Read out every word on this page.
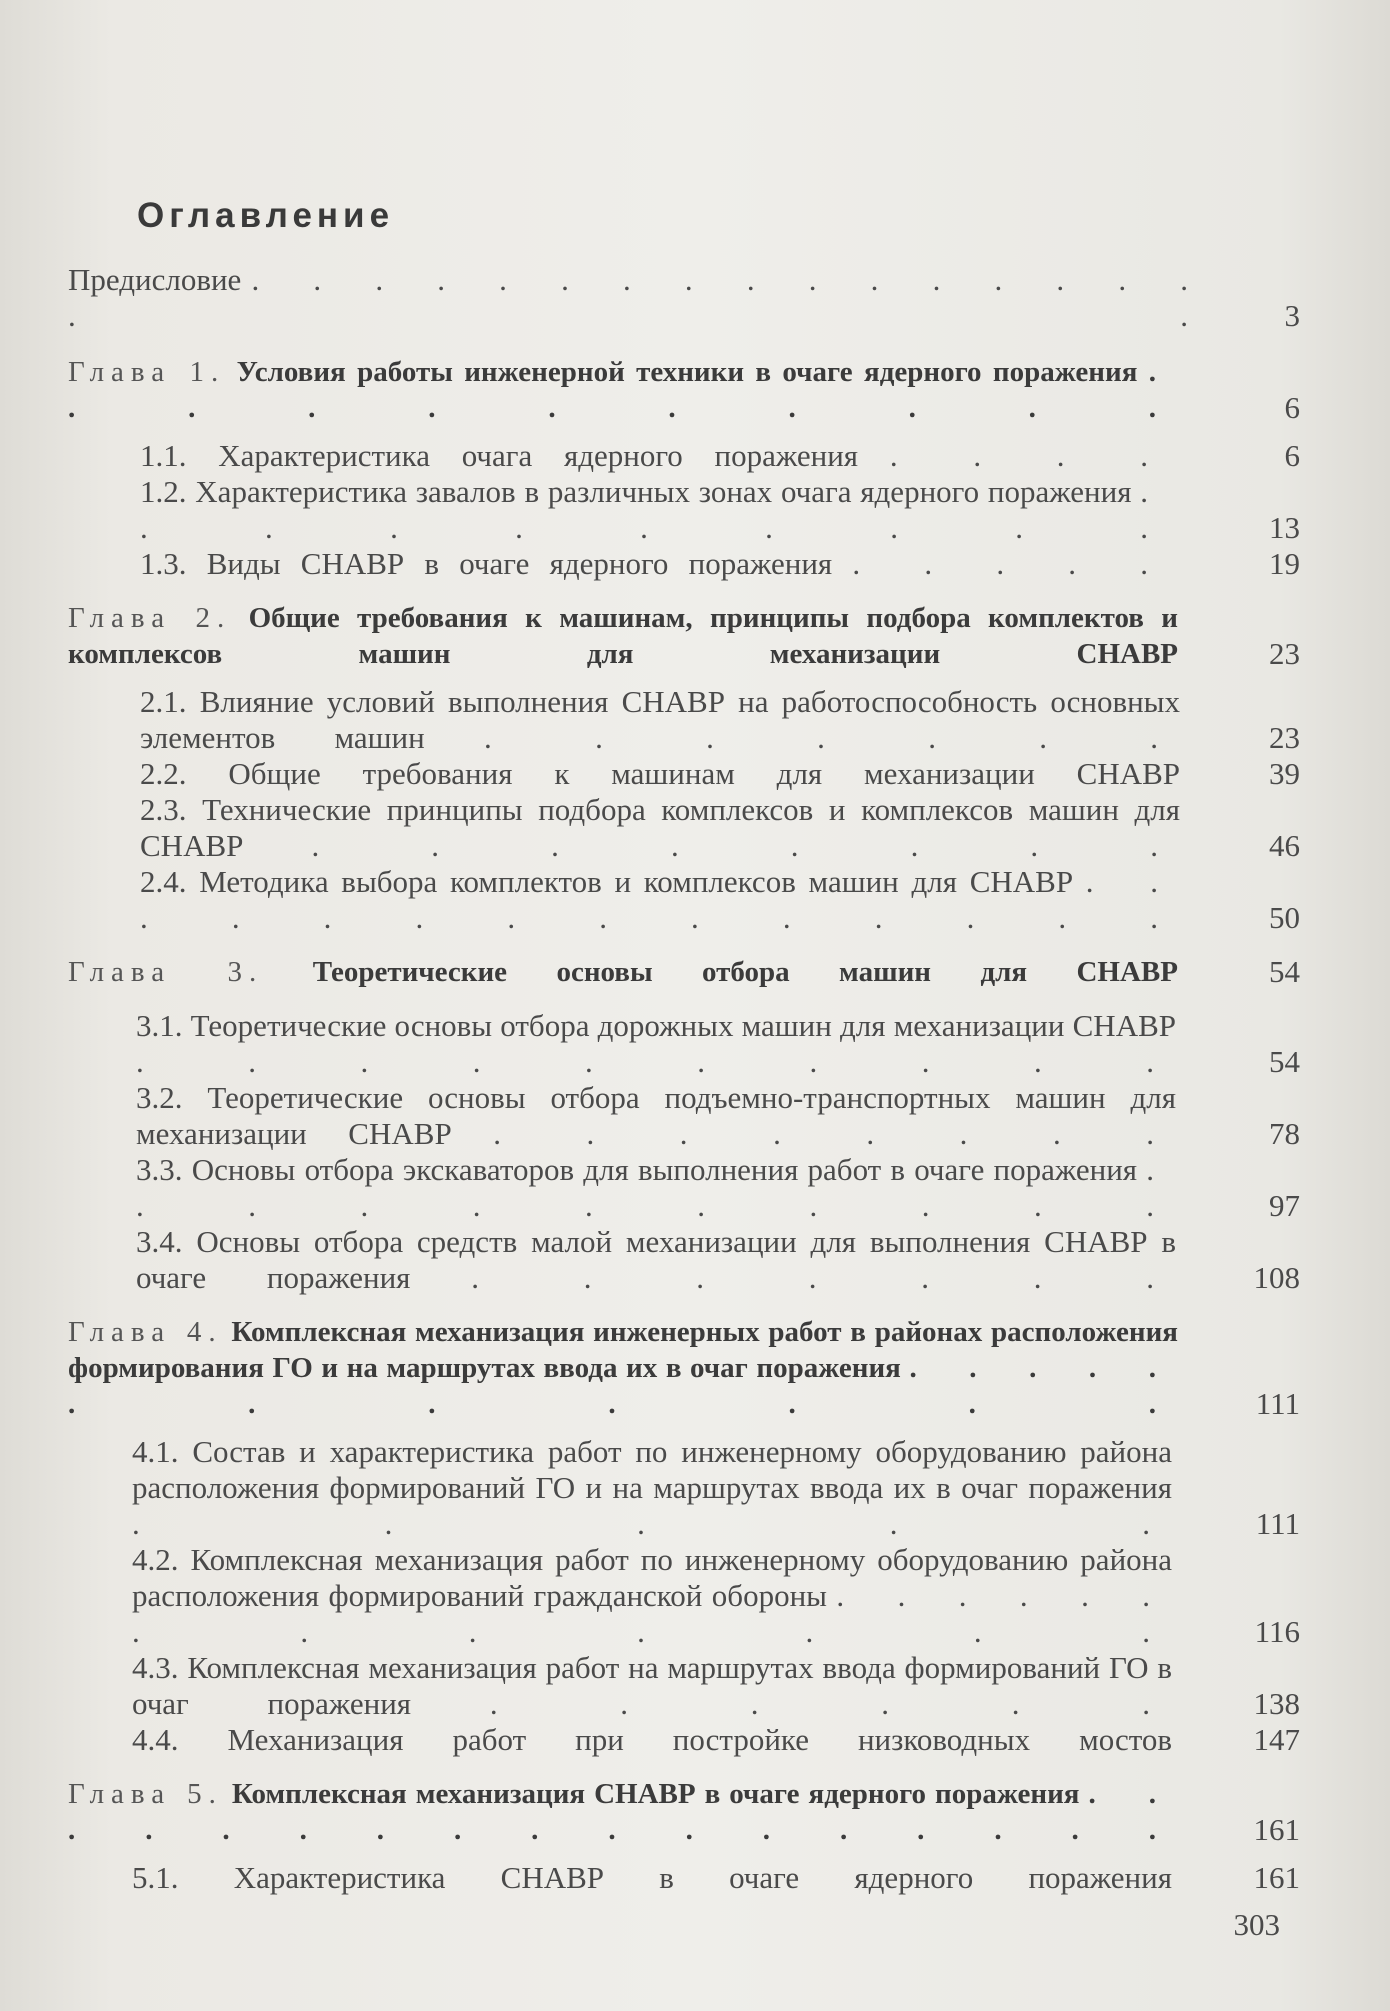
Оглавление
Предисловие . . . . . . . . . . . . . . . . . .	3
Глава 1. Условия работы инженерной техники в очаге ядерного поражения . . . . . . . . . . .	6
1.1. Характеристика очага ядерного поражения . . . .	6
1.2. Характеристика завалов в различных зонах очага ядерного поражения . . . . . . . . . .	13
1.3. Виды СНАВР в очаге ядерного поражения . . . . .	19
Глава 2. Общие требования к машинам, принципы подбора комплектов и комплексов машин для механизации СНАВР	23
2.1. Влияние условий выполнения СНАВР на работоспособность основных элементов машин . . . . . . .	23
2.2. Общие требования к машинам для механизации СНАВР	39
2.3. Технические принципы подбора комплексов и комплексов машин для СНАВР . . . . . . . .	46
2.4. Методика выбора комплектов и комплексов машин для СНАВР . . . . . . . . . . . . . .	50
Глава 3. Теоретические основы отбора машин для СНАВР	54
3.1. Теоретические основы отбора дорожных машин для механизации СНАВР . . . . . . . . . .	54
3.2. Теоретические основы отбора подъемно-транспортных машин для механизации СНАВР . . . . . . . .	78
3.3. Основы отбора экскаваторов для выполнения работ в очаге поражения . . . . . . . . . . .	97
3.4. Основы отбора средств малой механизации для выполнения СНАВР в очаге поражения . . . . . . . 108
Глава 4. Комплексная механизация инженерных работ в районах расположения формирования ГО и на маршрутах ввода их в очаг поражения . . . . . . . . . . . .	111
4.1. Состав и характеристика работ по инженерному оборудованию района расположения формирований ГО и на маршрутах ввода их в очаг поражения . . . . .	111
4.2. Комплексная механизация работ по инженерному оборудованию района расположения формирований гражданской обороны . . . . . . . . . . . . .	116
4.3. Комплексная механизация работ на маршрутах ввода формирований ГО в очаг поражения	. . . . . .	138
4.4. Механизация работ при постройке низководных мостов	147
Глава 5. Комплексная механизация СНАВР в очаге ядерного поражения . . . . . . . . . . . . . . . . . 161
5.1. Характеристика СНАВР в очаге ядерного поражения	161
303
